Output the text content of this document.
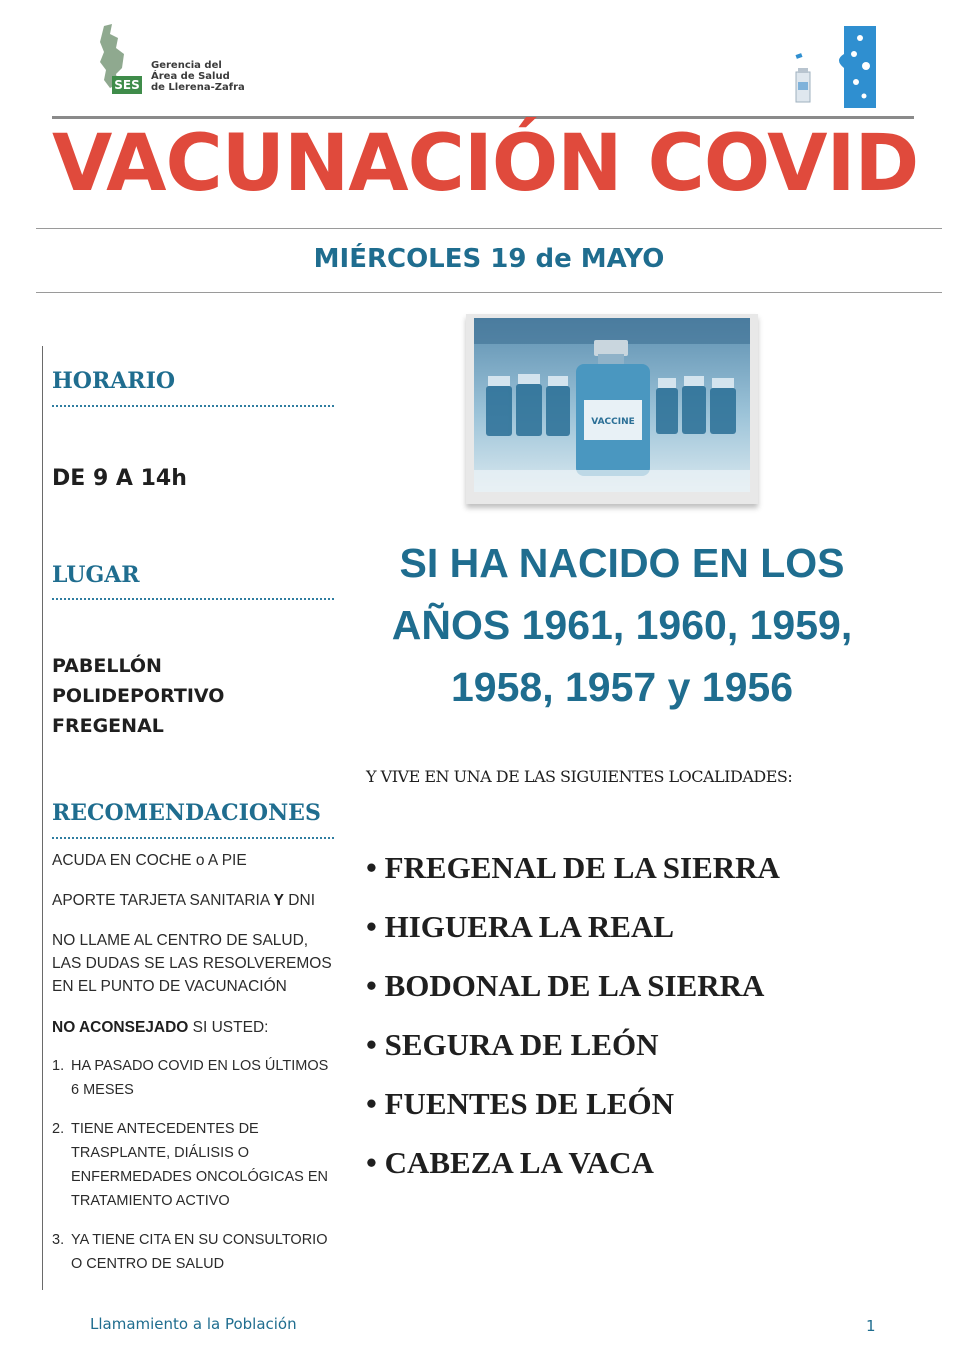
SES
Gerencia del
Área de Salud
de Llerena-Zafra
VACUNACIÓN COVID
MIÉRCOLES 19 de MAYO
HORARIO
DE 9 A 14h
LUGAR
PABELLÓN
POLIDEPORTIVO
FREGENAL
RECOMENDACIONES
ACUDA EN COCHE o A PIE
APORTE TARJETA SANITARIA Y DNI
NO LLAME AL CENTRO DE SALUD,
LAS DUDAS SE LAS RESOLVEREMOS
EN EL PUNTO DE VACUNACIÓN
NO ACONSEJADO SI USTED:
1. HA PASADO COVID EN LOS ÚLTIMOS
6 MESES
2. TIENE ANTECEDENTES DE
TRASPLANTE, DIÁLISIS O
ENFERMEDADES ONCOLÓGICAS EN
TRATAMIENTO ACTIVO
3. YA TIENE CITA EN SU CONSULTORIO
O CENTRO DE SALUD
VACCINE
SI HA NACIDO EN LOS
AÑOS 1961, 1960, 1959,
1958, 1957 y 1956
Y VIVE EN UNA DE LAS SIGUIENTES LOCALIDADES:
• FREGENAL DE LA SIERRA
• HIGUERA LA REAL
• BODONAL DE LA SIERRA
• SEGURA DE LEÓN
• FUENTES DE LEÓN
• CABEZA LA VACA
Llamamiento a la Población	1
